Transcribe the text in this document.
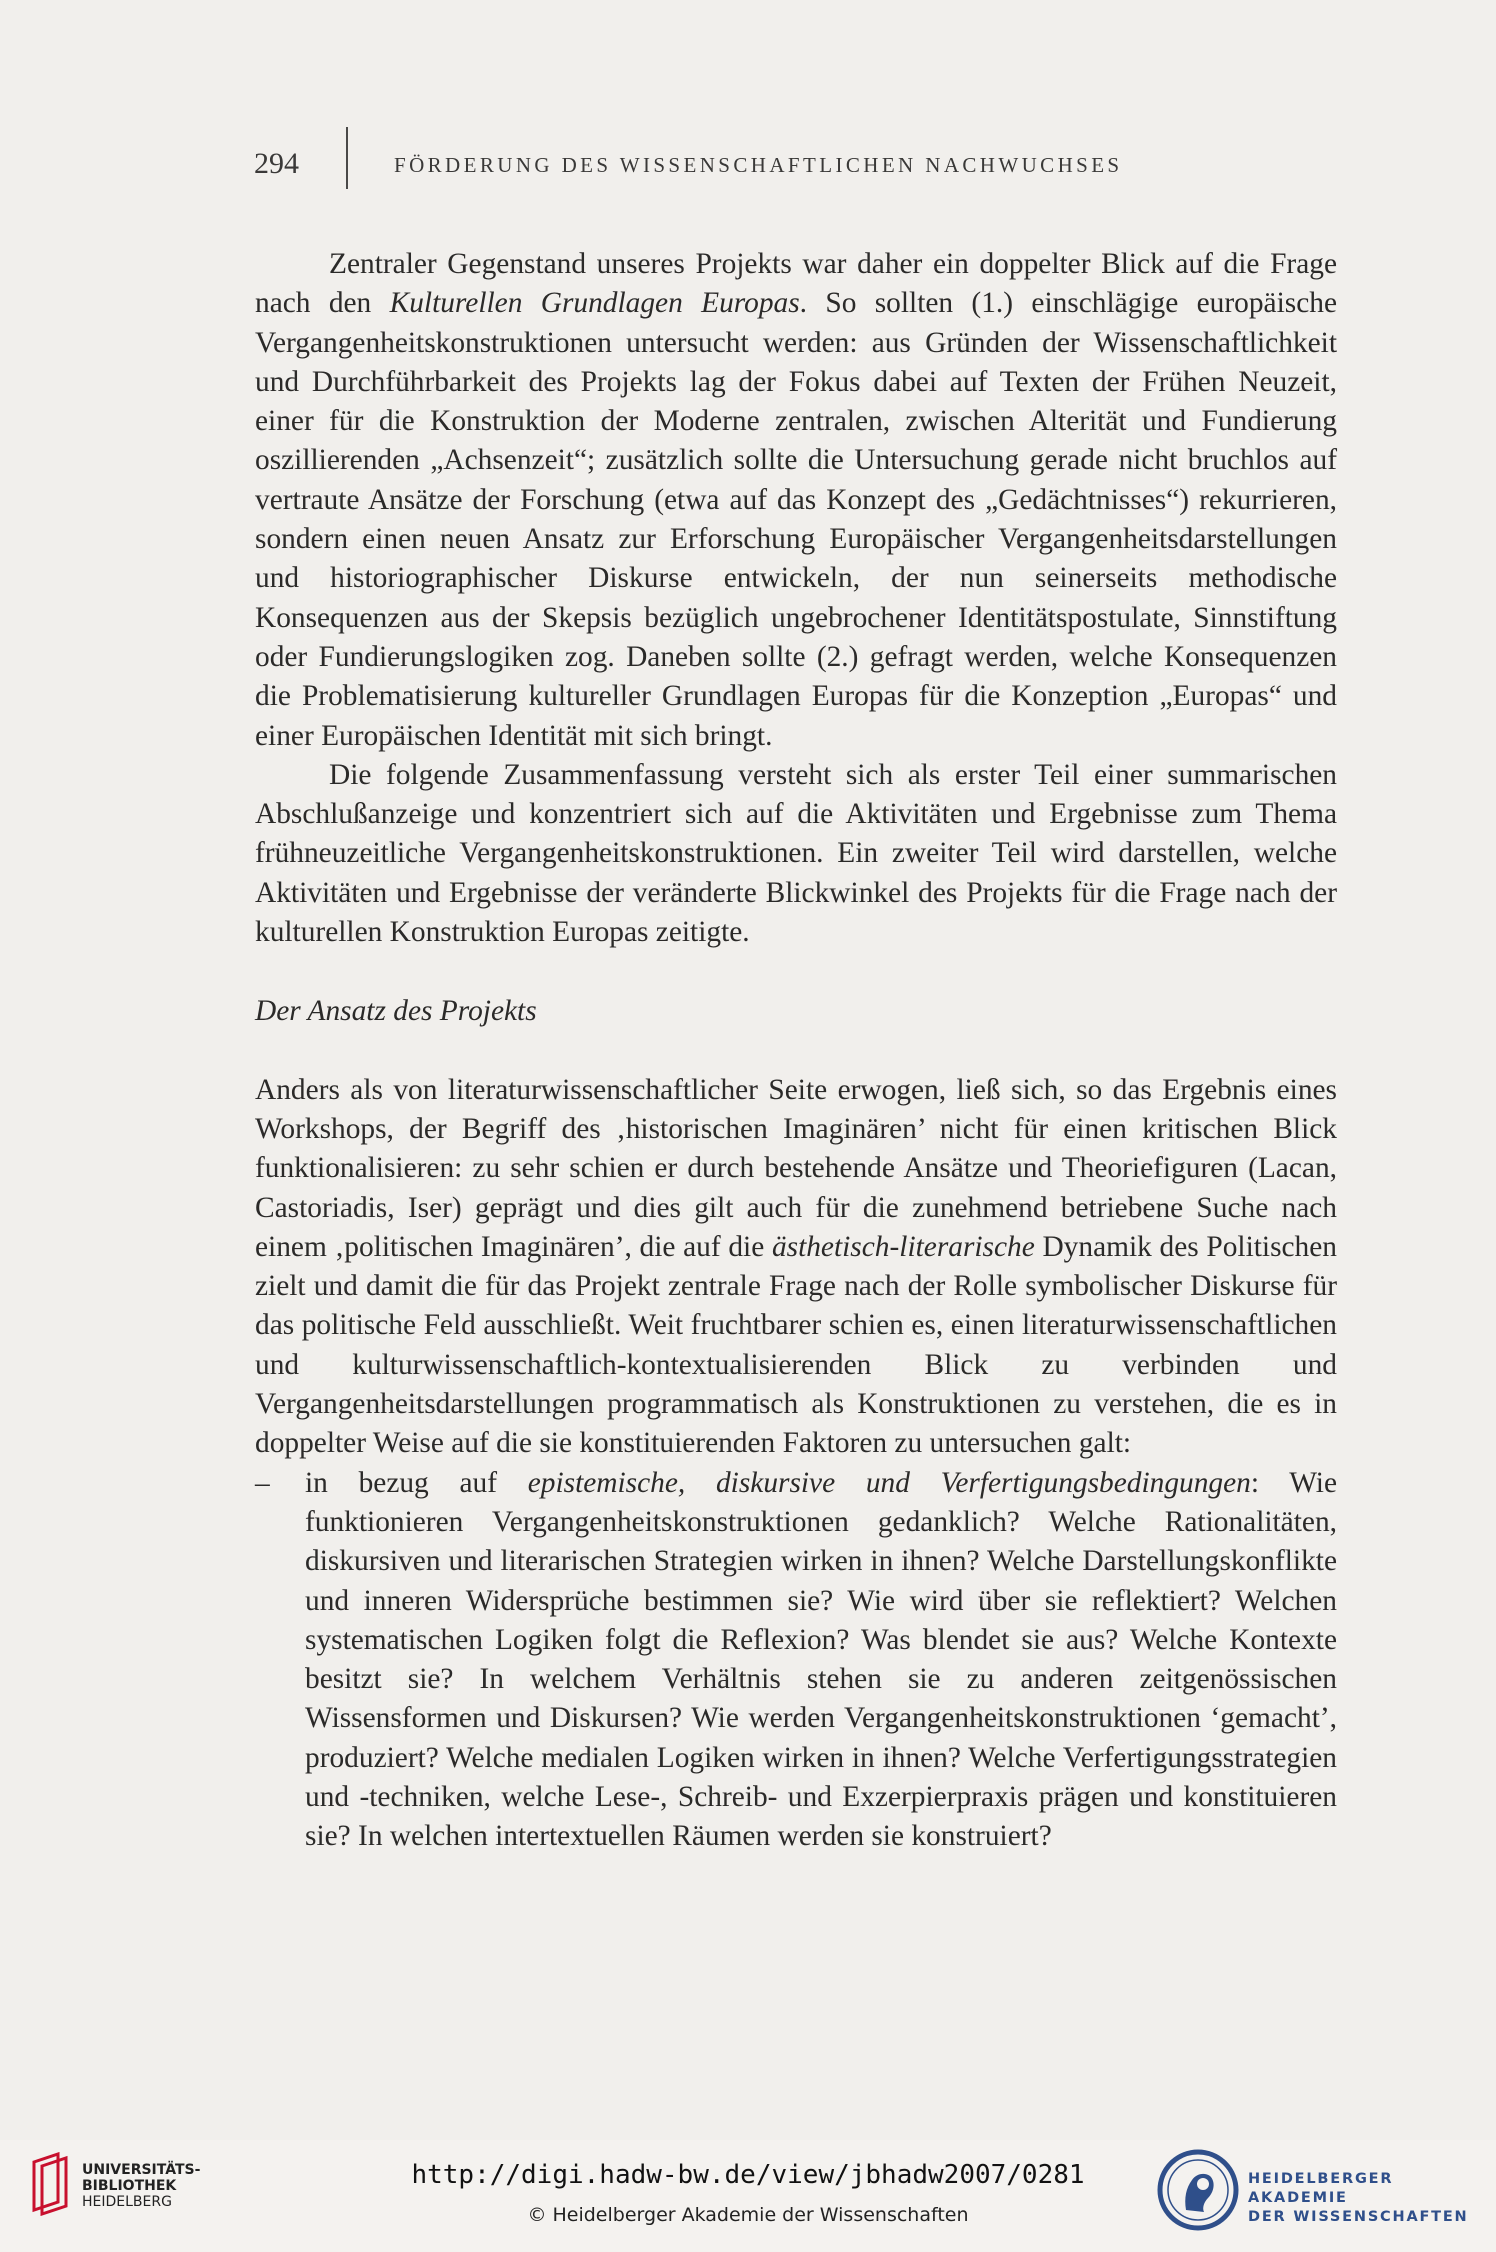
294	FÖRDERUNG DES WISSENSCHAFTLICHEN NACHWUCHSES

Zentraler Gegenstand unseres Projekts war daher ein doppelter Blick auf die Frage nach den Kulturellen Grundlagen Europas. So sollten (1.) einschlägige europäische Vergangenheitskonstruktionen untersucht werden: aus Gründen der Wissenschaftlichkeit und Durchführbarkeit des Projekts lag der Fokus dabei auf Texten der Frühen Neuzeit, einer für die Konstruktion der Moderne zentralen, zwischen Alterität und Fundierung oszillierenden „Achsenzeit“; zusätzlich sollte die Untersuchung gerade nicht bruchlos auf vertraute Ansätze der Forschung (etwa auf das Konzept des „Gedächtnisses“) rekurrieren, sondern einen neuen Ansatz zur Erforschung Europäischer Vergangenheitsdarstellungen und historiographischer Diskurse entwickeln, der nun seinerseits methodische Konsequenzen aus der Skepsis bezüglich ungebrochener Identitätspostulate, Sinnstiftung oder Fundierungslogiken zog. Daneben sollte (2.) gefragt werden, welche Konsequenzen die Problematisierung kultureller Grundlagen Europas für die Konzeption „Europas“ und einer Europäischen Identität mit sich bringt.

Die folgende Zusammenfassung versteht sich als erster Teil einer summarischen Abschlußanzeige und konzentriert sich auf die Aktivitäten und Ergebnisse zum Thema frühneuzeitliche Vergangenheitskonstruktionen. Ein zweiter Teil wird darstellen, welche Aktivitäten und Ergebnisse der veränderte Blickwinkel des Projekts für die Frage nach der kulturellen Konstruktion Europas zeitigte.

Der Ansatz des Projekts

Anders als von literaturwissenschaftlicher Seite erwogen, ließ sich, so das Ergebnis eines Workshops, der Begriff des ‚historischen Imaginären’ nicht für einen kritischen Blick funktionalisieren: zu sehr schien er durch bestehende Ansätze und Theoriefiguren (Lacan, Castoriadis, Iser) geprägt und dies gilt auch für die zunehmend betriebene Suche nach einem ‚politischen Imaginären’, die auf die ästhetisch-literarische Dynamik des Politischen zielt und damit die für das Projekt zentrale Frage nach der Rolle symbolischer Diskurse für das politische Feld ausschließt. Weit fruchtbarer schien es, einen literaturwissenschaftlichen und kulturwissenschaftlich-kontextualisierenden Blick zu verbinden und Vergangenheitsdarstellungen programmatisch als Konstruktionen zu verstehen, die es in doppelter Weise auf die sie konstituierenden Faktoren zu untersuchen galt:

– in bezug auf epistemische, diskursive und Verfertigungsbedingungen: Wie funktionieren Vergangenheitskonstruktionen gedanklich? Welche Rationalitäten, diskursiven und literarischen Strategien wirken in ihnen? Welche Darstellungskonflikte und inneren Widersprüche bestimmen sie? Wie wird über sie reflektiert? Welchen systematischen Logiken folgt die Reflexion? Was blendet sie aus? Welche Kontexte besitzt sie? In welchem Verhältnis stehen sie zu anderen zeitgenössischen Wissensformen und Diskursen? Wie werden Vergangenheitskonstruktionen ‘gemacht’, produziert? Welche medialen Logiken wirken in ihnen? Welche Verfertigungsstrategien und -techniken, welche Lese-, Schreib- und Exzerpierpraxis prägen und konstituieren sie? In welchen intertextuellen Räumen werden sie konstruiert?
UNIVERSITÄTS-
BIBLIOTHEK
HEIDELBERG
http://digi.hadw-bw.de/view/jbhadw2007/0281
© Heidelberger Akademie der Wissenschaften
HEIDELBERGER AKADEMIE
DER WISSENSCHAFTEN
